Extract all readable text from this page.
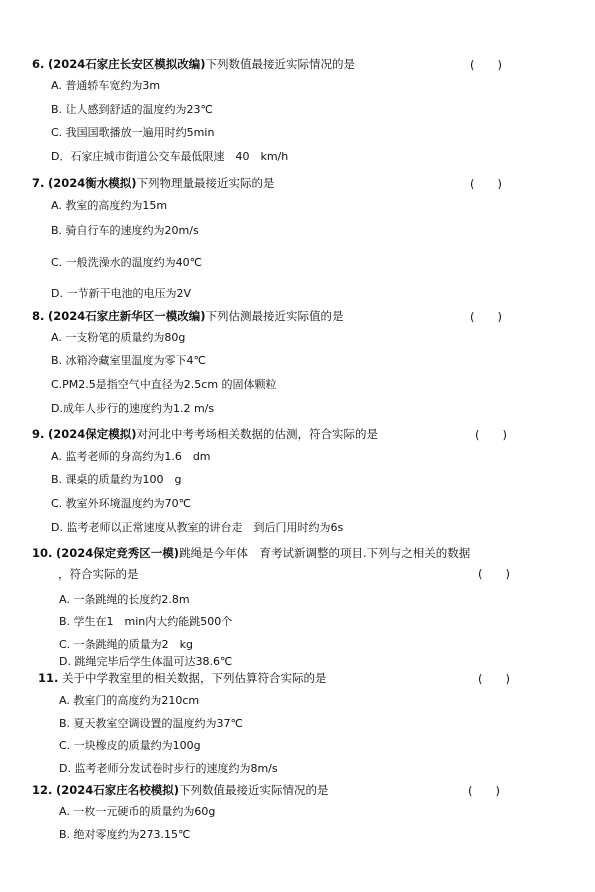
6. (2024石家庄长安区模拟改编)下列数值最接近实际情况的是	(　　)
A. 普通轿车宽约为3m
B. 让人感到舒适的温度约为23℃
C. 我国国歌播放一遍用时约5min
D．石家庄城市街道公交车最低限速　40　km/h
7. (2024衡水模拟)下列物理量最接近实际的是	(　　)
A. 教室的高度约为15m
B. 骑自行车的速度约为20m/s
C. 一般洗澡水的温度约为40℃
D. 一节新干电池的电压为2V
8. (2024石家庄新华区一模改编)下列估测最接近实际值的是	(　　)
A. 一支粉笔的质量约为80g
B. 冰箱冷藏室里温度为零下4℃
C.PM2.5是指空气中直径为2.5cm 的固体颗粒
D.成年人步行的速度约为1.2 m/s
9. (2024保定模拟)对河北中考考场相关数据的估测，符合实际的是	(　　)
A. 监考老师的身高约为1.6　dm
B. 课桌的质量约为100　g
C. 教室外环境温度约为70℃
D. 监考老师以正常速度从教室的讲台走　到后门用时约为6s
10. (2024保定竞秀区一模)跳绳是今年体　育考试新调整的项目.下列与之相关的数据
，符合实际的是	(　　)
A. 一条跳绳的长度约2.8m
B. 学生在1　min内大约能跳500个
C. 一条跳绳的质量为2　kg
D. 跳绳完毕后学生体温可达38.6℃
11. 关于中学教室里的相关数据，下列估算符合实际的是	(　　)
A. 教室门的高度约为210cm
B. 夏天教室空调设置的温度约为37℃
C. 一块橡皮的质量约为100g
D. 监考老师分发试卷时步行的速度约为8m/s
12. (2024石家庄名校模拟)下列数值最接近实际情况的是	(　　)
A. 一枚一元硬币的质量约为60g
B. 绝对零度约为273.15℃
